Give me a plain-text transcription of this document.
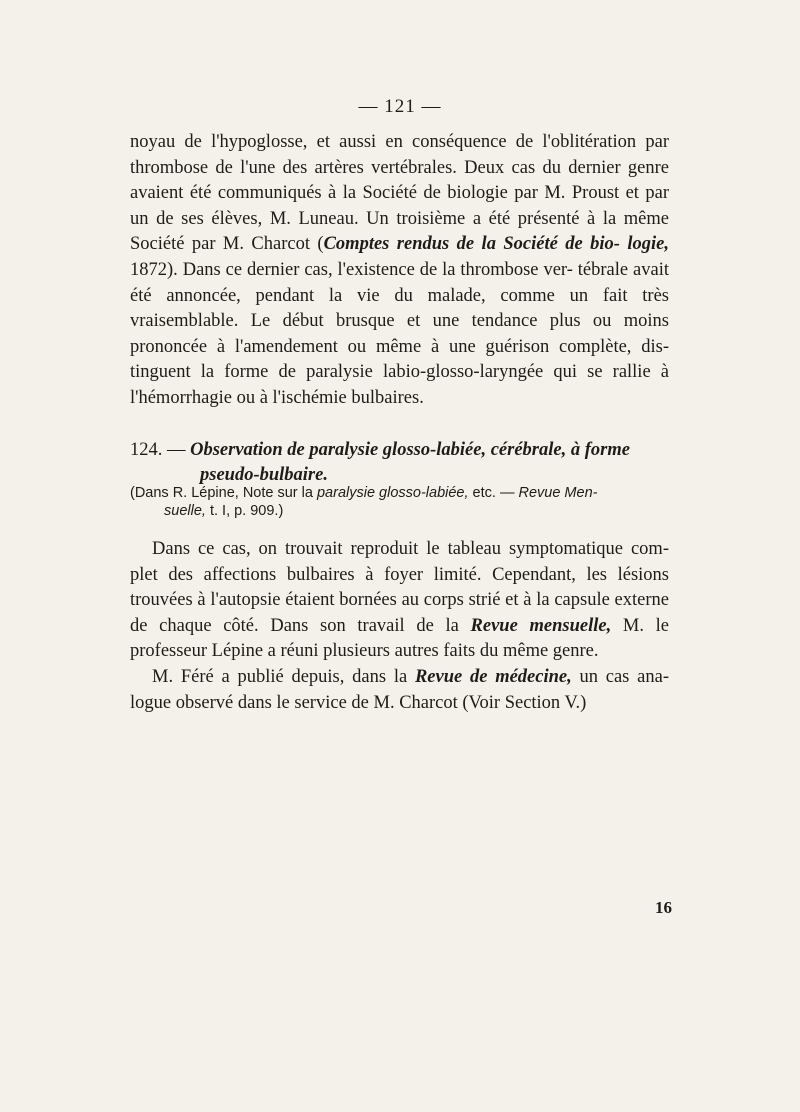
— 121 —

noyau de l'hypoglosse, et aussi en conséquence de l'oblitération par thrombose de l'une des artères vertébrales. Deux cas du dernier genre avaient été communiqués à la Société de biologie par M. Proust et par un de ses élèves, M. Luneau. Un troisième a été présenté à la même Société par M. Charcot (Comptes rendus de la Société de bio- logie, 1872). Dans ce dernier cas, l'existence de la thrombose ver- tébrale avait été annoncée, pendant la vie du malade, comme un fait très vraisemblable. Le début brusque et une tendance plus ou moins prononcée à l'amendement ou même à une guérison complète, dis- tinguent la forme de paralysie labio-glosso-laryngée qui se rallie à l'hémorrhagie ou à l'ischémie bulbaires.

124. — Observation de paralysie glosso-labiée, cérébrale, à forme
pseudo-bulbaire.

(Dans R. Lépine, Note sur la paralysie glosso-labiée, etc. — Revue Men-
suelle, t. I, p. 909.)

Dans ce cas, on trouvait reproduit le tableau symptomatique com- plet des affections bulbaires à foyer limité. Cependant, les lésions trouvées à l'autopsie étaient bornées au corps strié et à la capsule externe de chaque côté. Dans son travail de la Revue mensuelle, M. le professeur Lépine a réuni plusieurs autres faits du même genre.

M. Féré a publié depuis, dans la Revue de médecine, un cas ana- logue observé dans le service de M. Charcot (Voir Section V.)

16
